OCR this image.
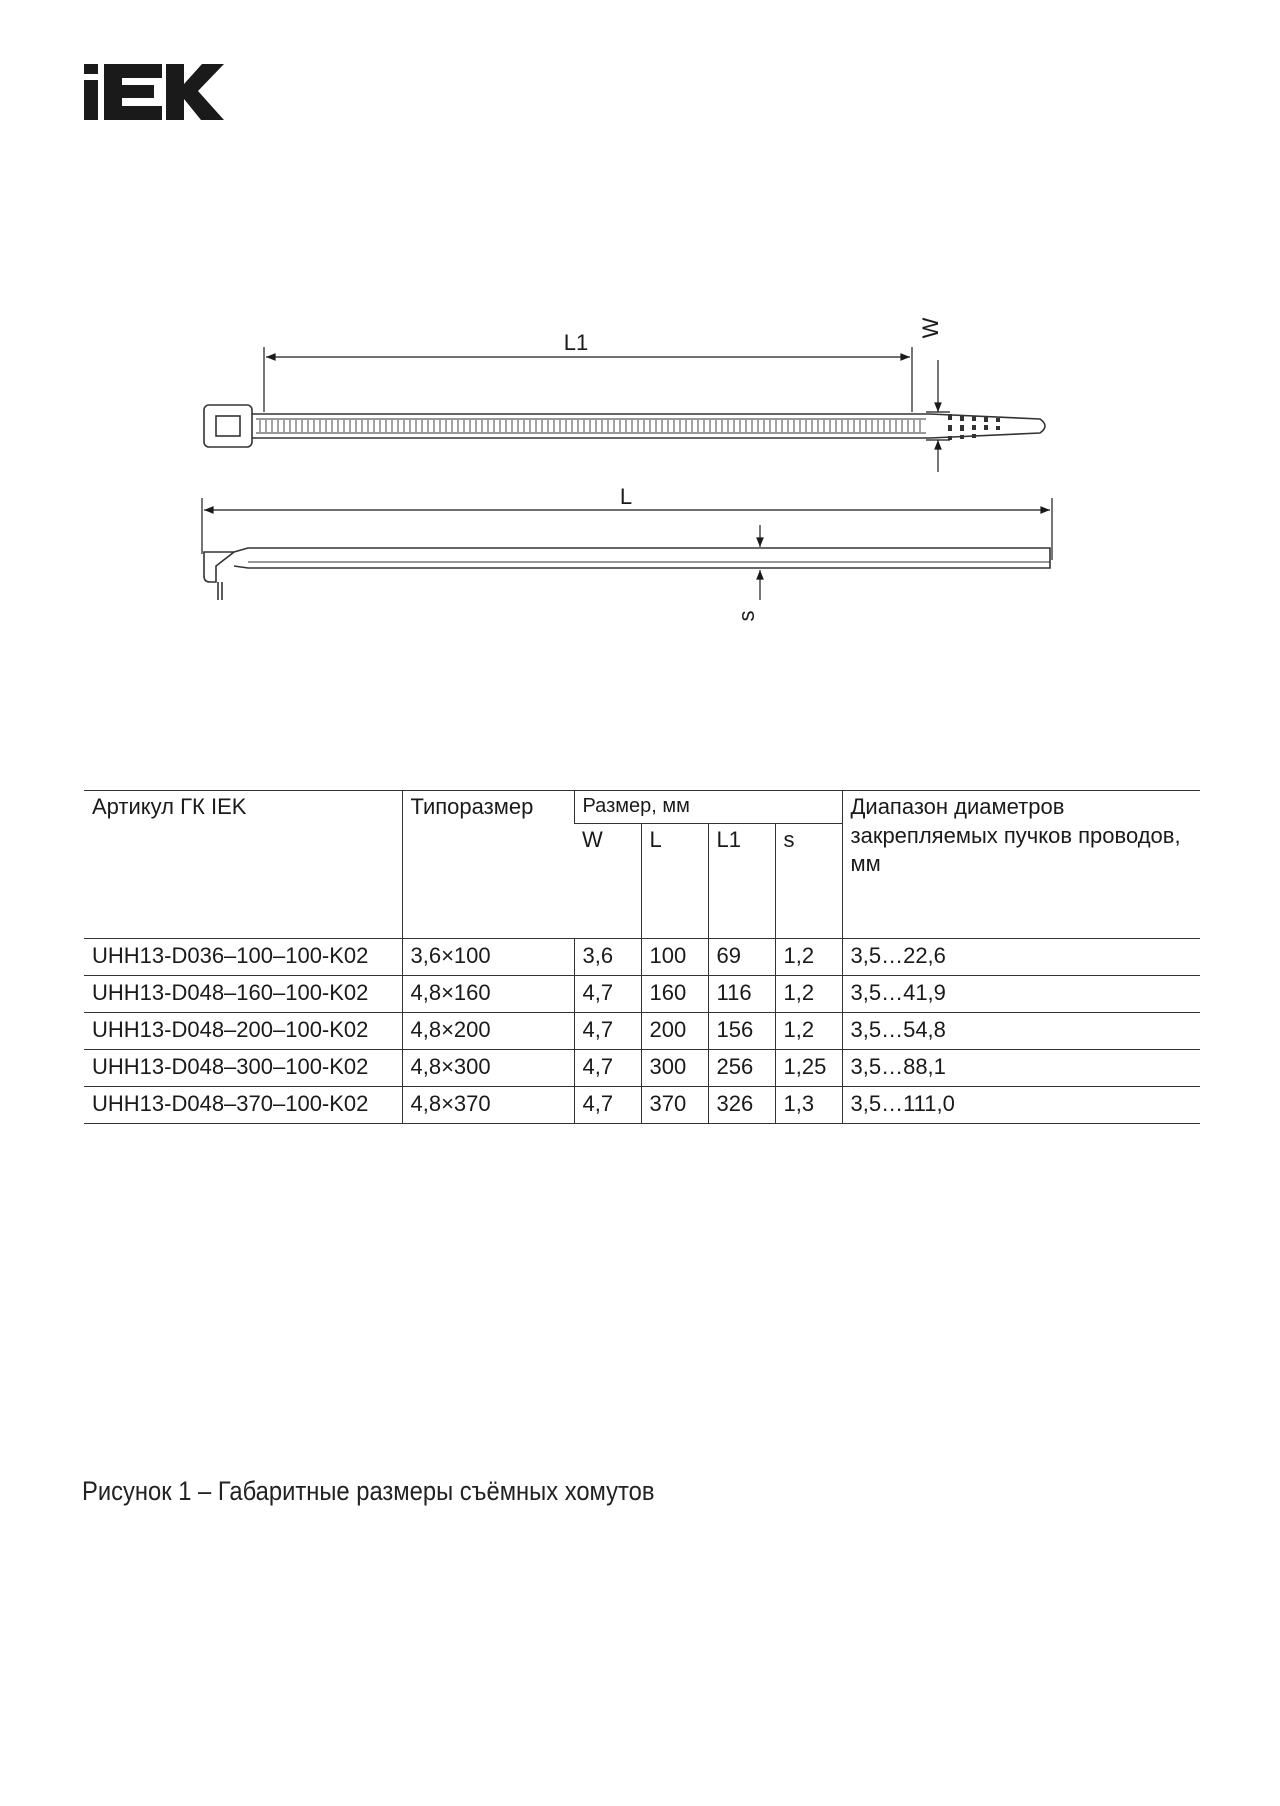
L1
W
L
s
Артикул ГК IEK	Типоразмер	Размер, мм				Диапазон диаметров закрепляемых пучков проводов, мм
		W	L	L1	s	
UHH13-D036–100–100-K02	3,6×100	3,6	100	69	1,2	3,5…22,6
UHH13-D048–160–100-K02	4,8×160	4,7	160	116	1,2	3,5…41,9
UHH13-D048–200–100-K02	4,8×200	4,7	200	156	1,2	3,5…54,8
UHH13-D048–300–100-K02	4,8×300	4,7	300	256	1,25	3,5…88,1
UHH13-D048–370–100-K02	4,8×370	4,7	370	326	1,3	3,5…111,0
Рисунок 1 – Габаритные размеры съёмных хомутов
